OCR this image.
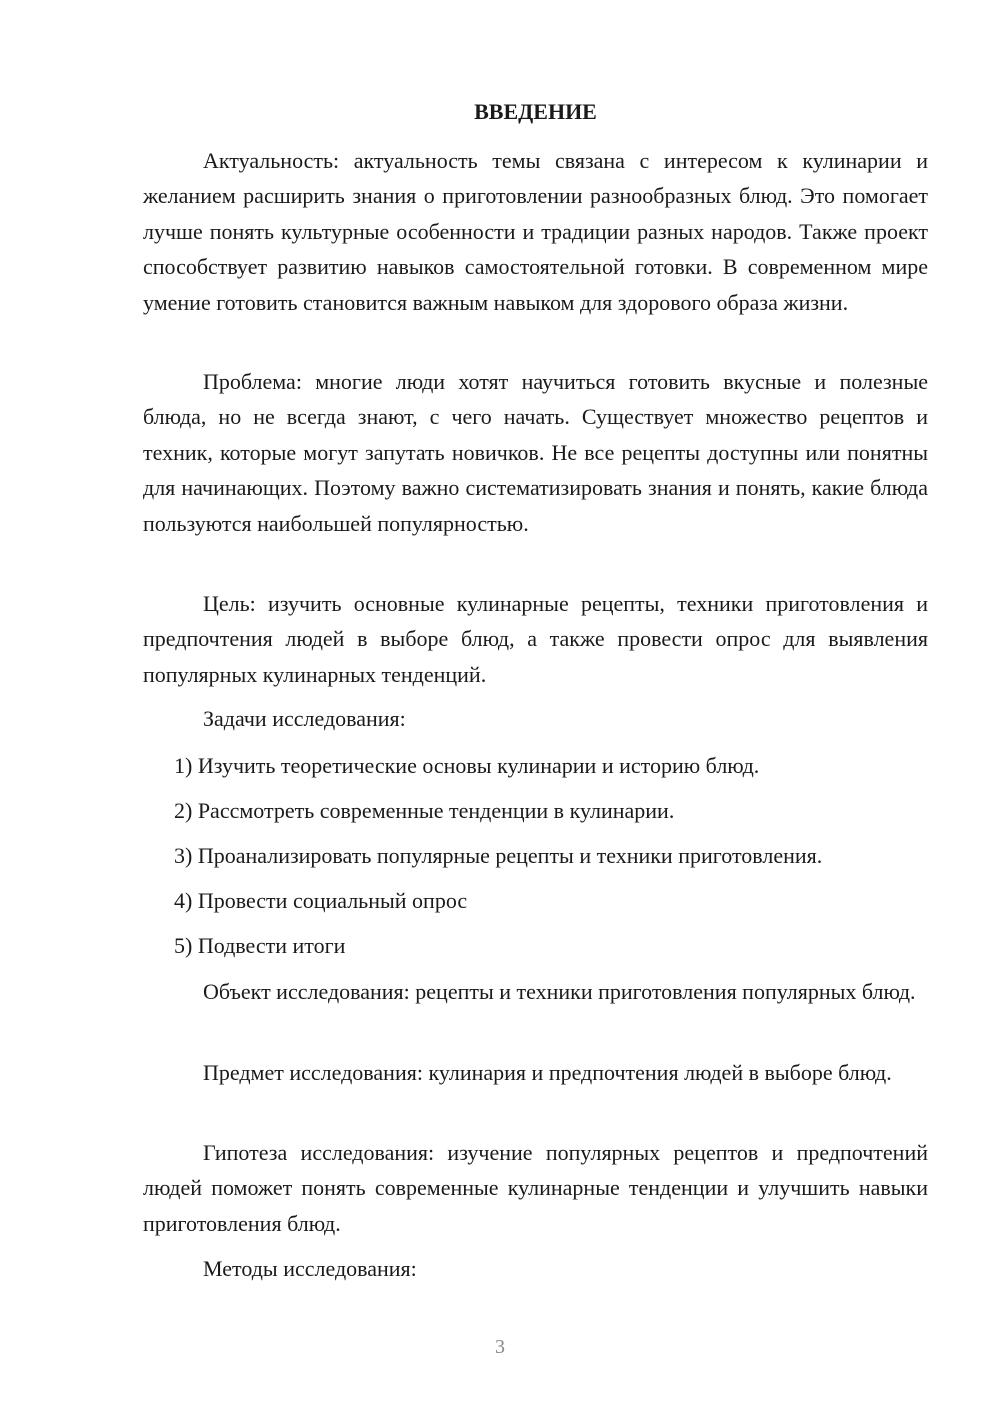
ВВЕДЕНИЕ

Актуальность: актуальность темы связана с интересом к кулинарии и желанием расширить знания о приготовлении разнообразных блюд. Это помогает лучше понять культурные особенности и традиции разных народов. Также проект способствует развитию навыков самостоятельной готовки. В современном мире умение готовить становится важным навыком для здорового образа жизни.

Проблема: многие люди хотят научиться готовить вкусные и полезные блюда, но не всегда знают, с чего начать. Существует множество рецептов и техник, которые могут запутать новичков. Не все рецепты доступны или понятны для начинающих. Поэтому важно систематизировать знания и понять, какие блюда пользуются наибольшей популярностью.

Цель: изучить основные кулинарные рецепты, техники приготовления и предпочтения людей в выборе блюд, а также провести опрос для выявления популярных кулинарных тенденций.

Задачи исследования:

1) Изучить теоретические основы кулинарии и историю блюд.

2) Рассмотреть современные тенденции в кулинарии.

3) Проанализировать популярные рецепты и техники приготовления.

4) Провести социальный опрос

5) Подвести итоги

Объект исследования: рецепты и техники приготовления популярных блюд.

Предмет исследования: кулинария и предпочтения людей в выборе блюд.

Гипотеза исследования: изучение популярных рецептов и предпочтений людей поможет понять современные кулинарные тенденции и улучшить навыки приготовления блюд.

Методы исследования:

3
